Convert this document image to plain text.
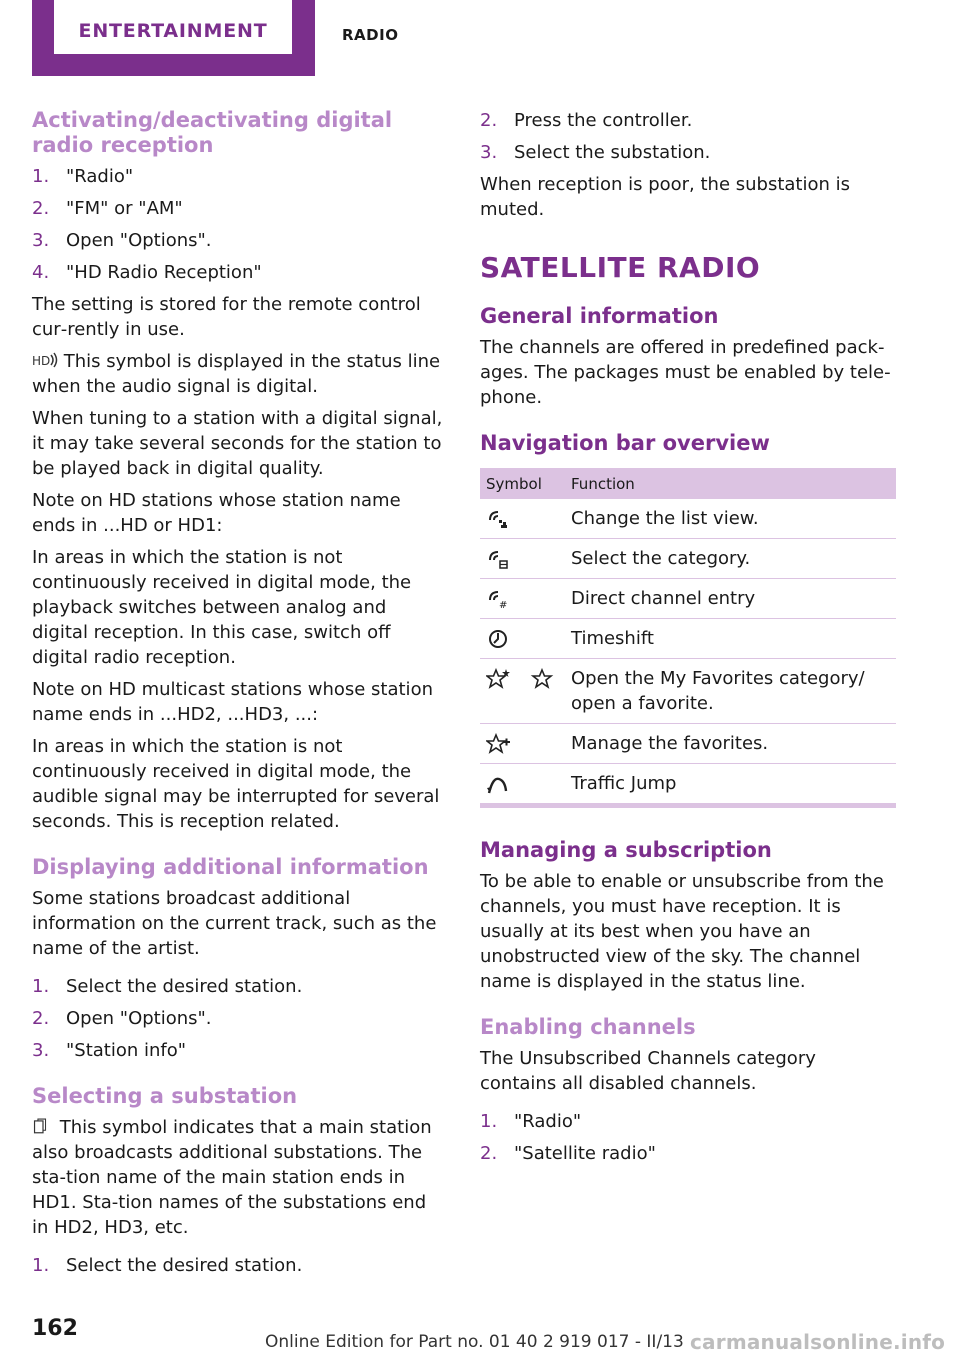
ENTERTAINMENT	RADIO
Activating/deactivating digital radio reception
1. "Radio"
2. "FM" or "AM"
3. Open "Options".
4. "HD Radio Reception"

The setting is stored for the remote control cur‐rently in use.

HD This symbol is displayed in the status line when the audio signal is digital.

When tuning to a station with a digital signal, it may take several seconds for the station to be played back in digital quality.

Note on HD stations whose station name ends in ...HD or HD1:

In areas in which the station is not continuously received in digital mode, the playback switches between analog and digital reception. In this case, switch off digital radio reception.

Note on HD multicast stations whose station name ends in ...HD2, ...HD3, ...:

In areas in which the station is not continuously received in digital mode, the audible signal may be interrupted for several seconds. This is reception related.

Displaying additional information

Some stations broadcast additional information on the current track, such as the name of the artist.

1. Select the desired station.
2. Open "Options".
3. "Station info"
Selecting a substation

This symbol indicates that a main station also broadcasts additional substations. The sta‐tion name of the main station ends in HD1. Sta‐tion names of the substations end in HD2, HD3, etc.

1. Select the desired station.
2. Press the controller.
3. Select the substation.

When reception is poor, the substation is muted.

SATELLITE RADIO
General information

The channels are offered in predefined pack‐ages. The packages must be enabled by tele‐phone.

Navigation bar overview
Symbol	Function
	Change the list view.
	Select the category.

#	Direct channel entry
	Timeshift
	Open the My Favorites category/ open a favorite.
	Manage the favorites.
	Traffic Jump
Managing a subscription

To be able to enable or unsubscribe from the channels, you must have reception. It is usually at its best when you have an unobstructed view of the sky. The channel name is displayed in the status line.

Enabling channels

The Unsubscribed Channels category contains all disabled channels.

1. "Radio"
2. "Satellite radio"
162
Online Edition for Part no. 01 40 2 919 017 - II/13 carmanualsonline.info
